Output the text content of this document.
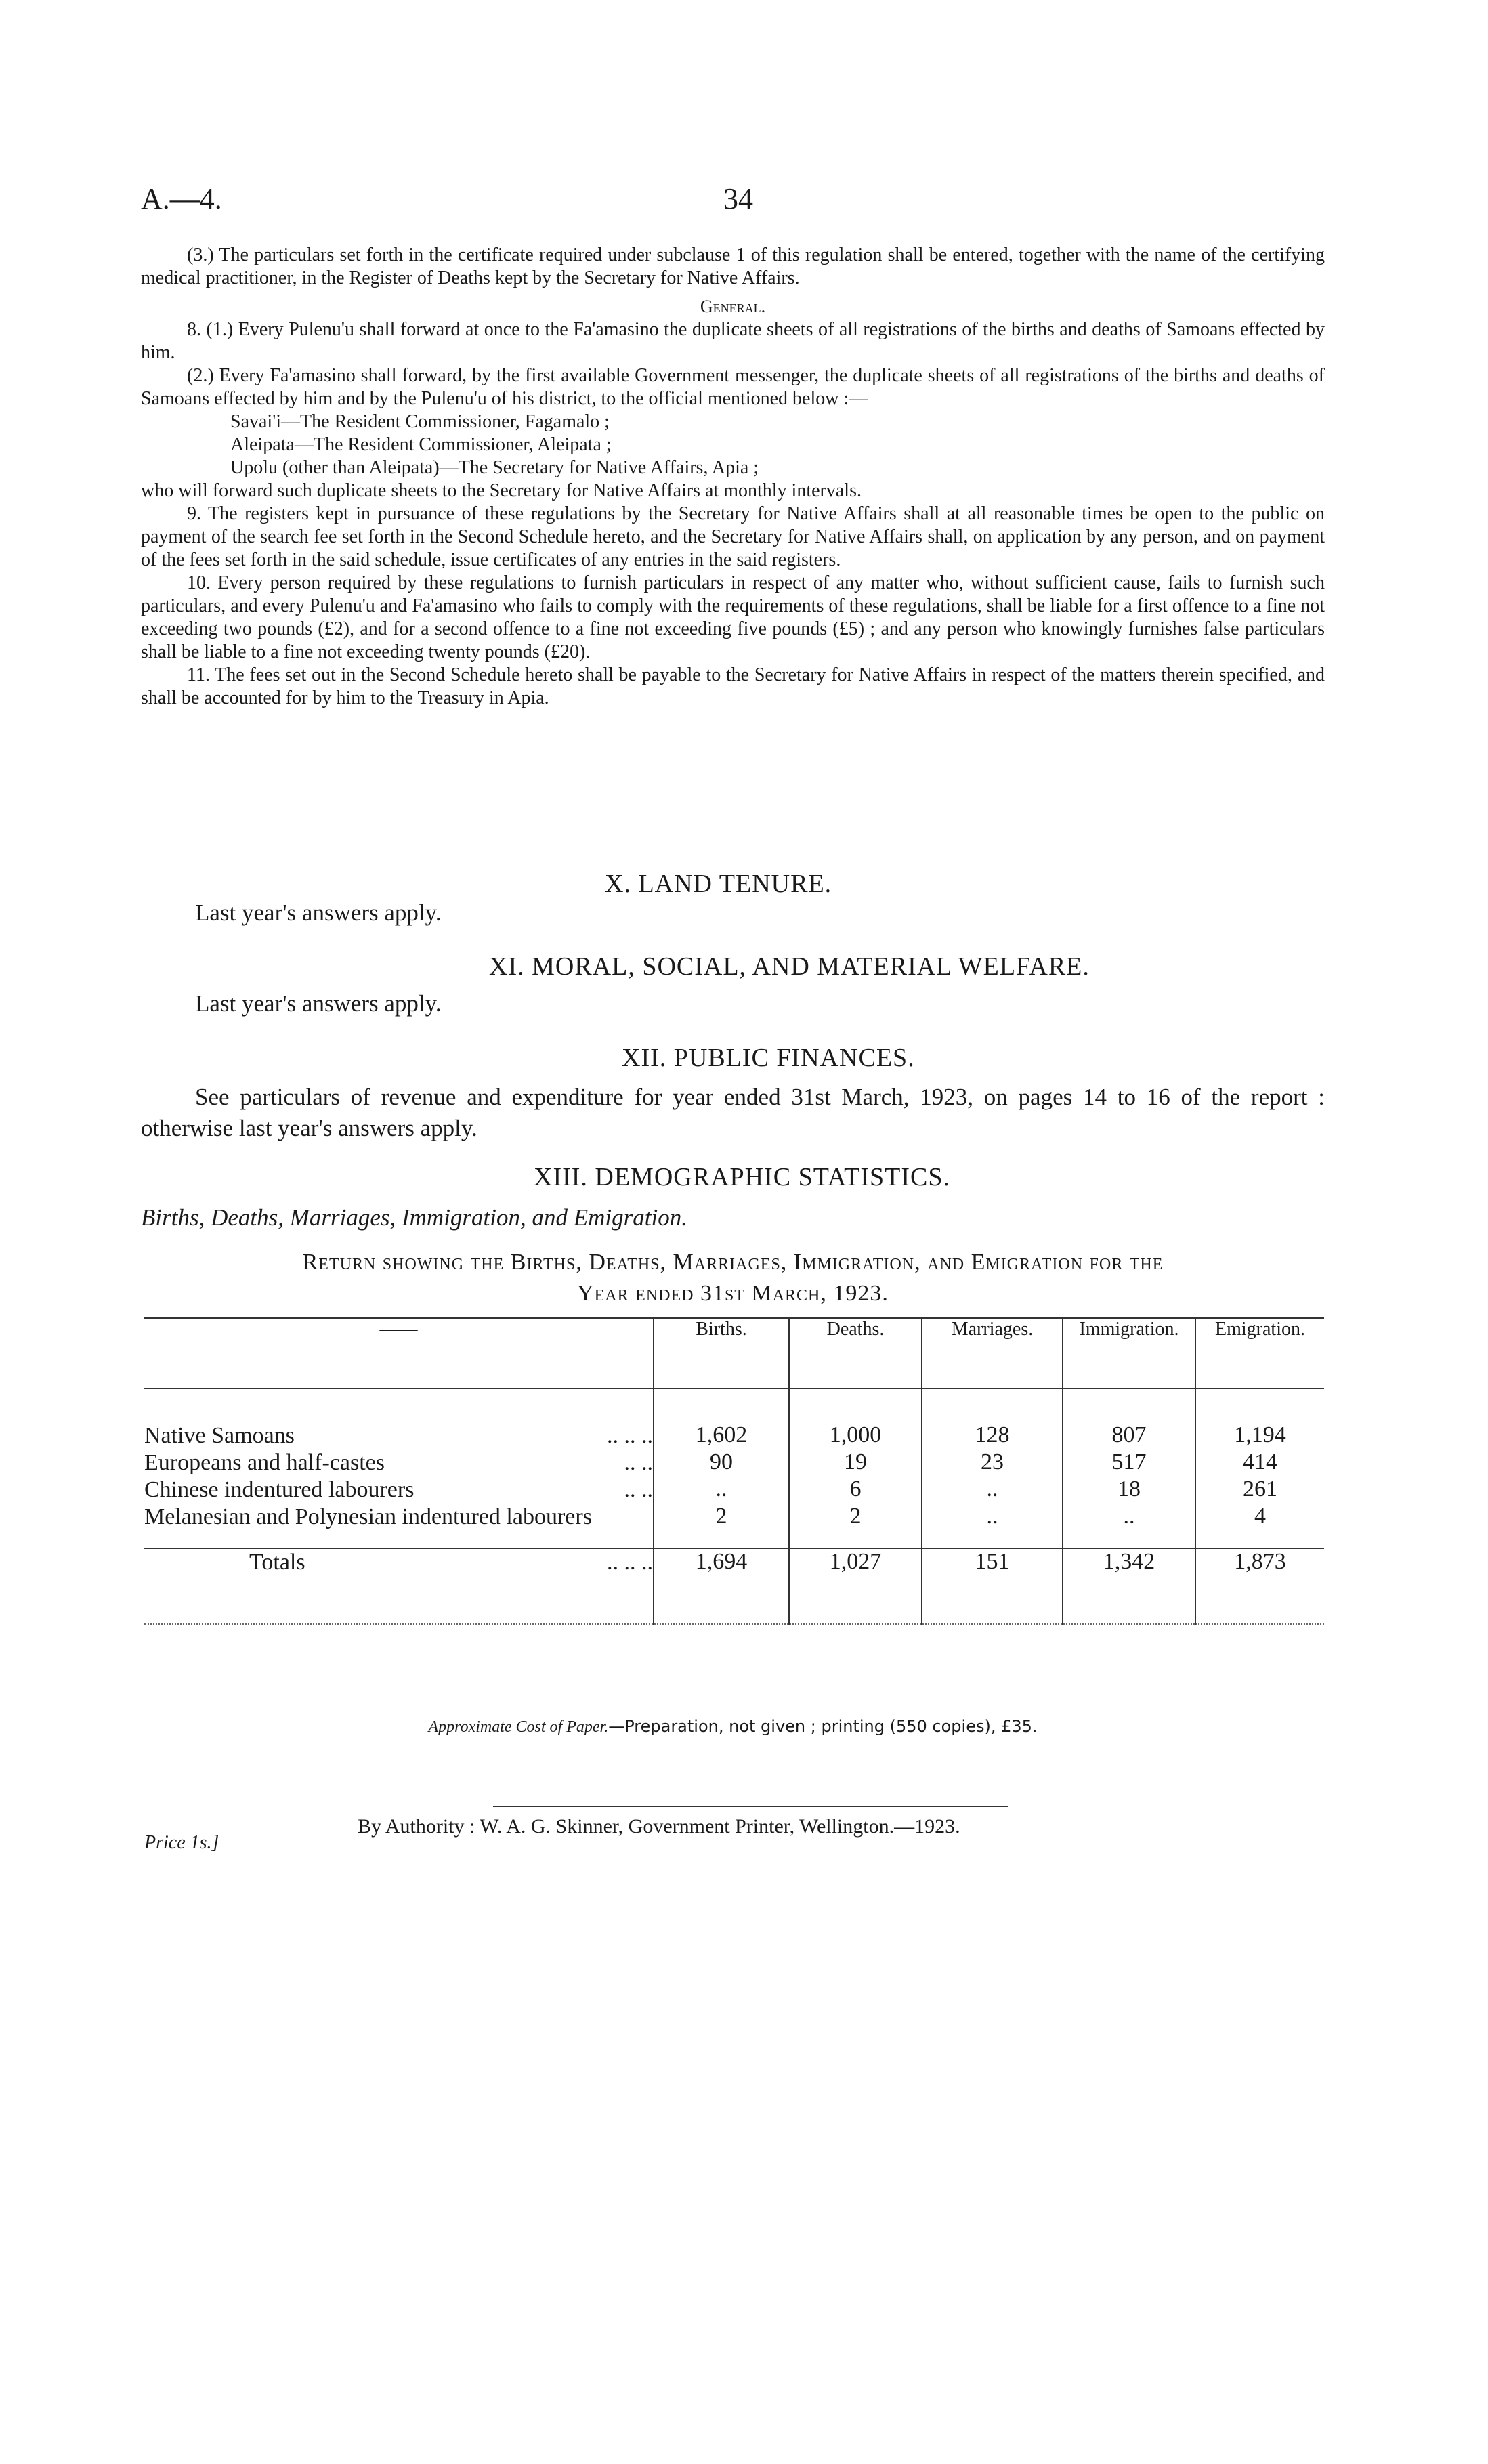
A.—4.	34

(3.) The particulars set forth in the certificate required under subclause 1 of this regulation shall be entered, together with the name of the certifying medical practitioner, in the Register of Deaths kept by the Secretary for Native Affairs.

General.

8. (1.) Every Pulenu'u shall forward at once to the Fa'amasino the duplicate sheets of all registrations of the births and deaths of Samoans effected by him.

(2.) Every Fa'amasino shall forward, by the first available Government messenger, the duplicate sheets of all registrations of the births and deaths of Samoans effected by him and by the Pulenu'u of his district, to the official mentioned below :—

Savai'i—The Resident Commissioner, Fagamalo ;

Aleipata—The Resident Commissioner, Aleipata ;

Upolu (other than Aleipata)—The Secretary for Native Affairs, Apia ;

who will forward such duplicate sheets to the Secretary for Native Affairs at monthly intervals.

9. The registers kept in pursuance of these regulations by the Secretary for Native Affairs shall at all reasonable times be open to the public on payment of the search fee set forth in the Second Schedule hereto, and the Secretary for Native Affairs shall, on application by any person, and on payment of the fees set forth in the said schedule, issue certificates of any entries in the said registers.

10. Every person required by these regulations to furnish particulars in respect of any matter who, without sufficient cause, fails to furnish such particulars, and every Pulenu'u and Fa'amasino who fails to comply with the requirements of these regulations, shall be liable for a first offence to a fine not exceeding two pounds (£2), and for a second offence to a fine not exceeding five pounds (£5) ; and any person who knowingly furnishes false particulars shall be liable to a fine not exceeding twenty pounds (£20).

11. The fees set out in the Second Schedule hereto shall be payable to the Secretary for Native Affairs in respect of the matters therein specified, and shall be accounted for by him to the Treasury in Apia.

X. LAND TENURE.
Last year's answers apply.
XI. MORAL, SOCIAL, AND MATERIAL WELFARE.
Last year's answers apply.
XII. PUBLIC FINANCES.
See particulars of revenue and expenditure for year ended 31st March, 1923, on pages 14 to 16 of the report : otherwise last year's answers apply.
XIII. DEMOGRAPHIC STATISTICS.
Births, Deaths, Marriages, Immigration, and Emigration.
Return showing the Births, Deaths, Marriages, Immigration, and Emigration for the
Year ended 31st March, 1923.
——	Births.	Deaths.	Marriages.	Immigration.	Emigration.

Native Samoans .. .. ..	1,602	1,000	128	807	1,194
Europeans and half-castes .. ..	90	19	23	517	414
Chinese indentured labourers .. ..	..	6	..	18	261
Melanesian and Polynesian indentured labourers	2	2	..	..	4

Totals .. .. ..	1,694	1,027	151	1,342	1,873
Approximate Cost of Paper.—Preparation, not given ; printing (550 copies), £35.
By Authority : W. A. G. Skinner, Government Printer, Wellington.—1923.
Price 1s.]
